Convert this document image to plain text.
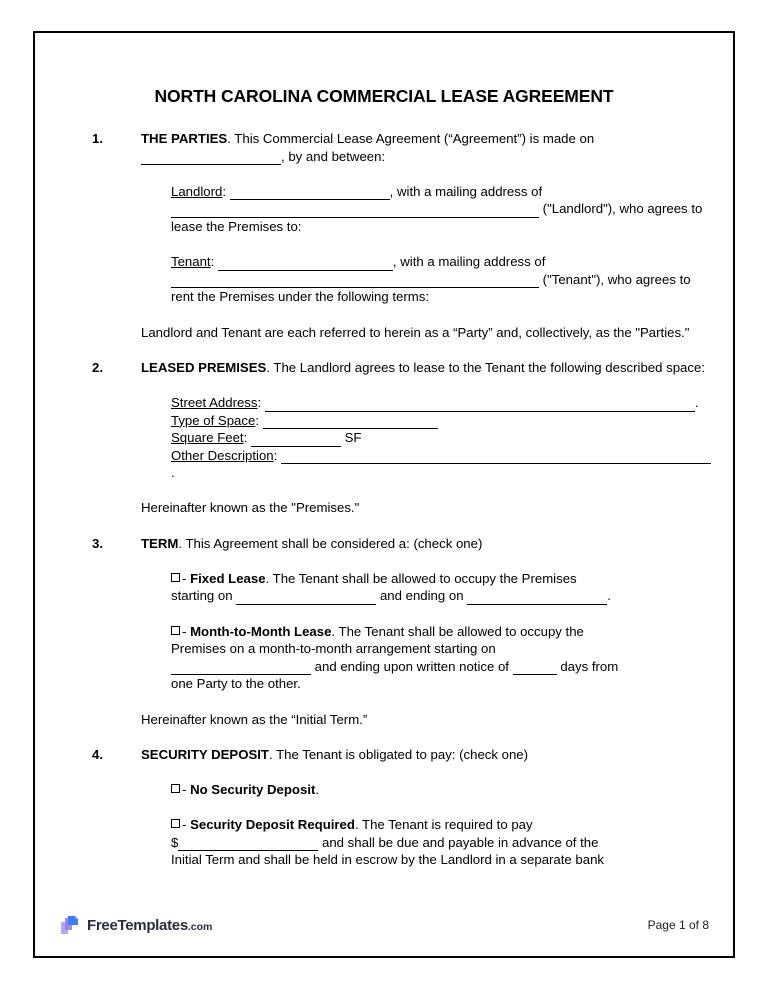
NORTH CAROLINA COMMERCIAL LEASE AGREEMENT
1.	THE PARTIES. This Commercial Lease Agreement (“Agreement”) is made on

, by and between:

Landlord:	, with a mailing address of

("Landlord"), who agrees to

lease the Premises to:

Tenant:	, with a mailing address of

("Tenant"), who agrees to

rent the Premises under the following terms:

Landlord and Tenant are each referred to herein as a “Party” and, collectively, as the "Parties."

2.	LEASED PREMISES. The Landlord agrees to lease to the Tenant the following described space:

Street Address:	.

Type of Space:

Square Feet:	SF

Other Description: .

Hereinafter known as the "Premises."

3.	TERM. This Agreement shall be considered a: (check one)

- Fixed Lease. The Tenant shall be allowed to occupy the Premises

starting on	and ending on	.

- Month-to-Month Lease. The Tenant shall be allowed to occupy the

Premises on a month-to-month arrangement starting on

and ending upon written notice of	days from

one Party to the other.

Hereinafter known as the “Initial Term.”

4.	SECURITY DEPOSIT. The Tenant is obligated to pay: (check one)

- No Security Deposit.

- Security Deposit Required. The Tenant is required to pay

$	and shall be due and payable in advance of the

Initial Term and shall be held in escrow by the Landlord in a separate bank

FreeTemplates.com	Page 1 of 8
